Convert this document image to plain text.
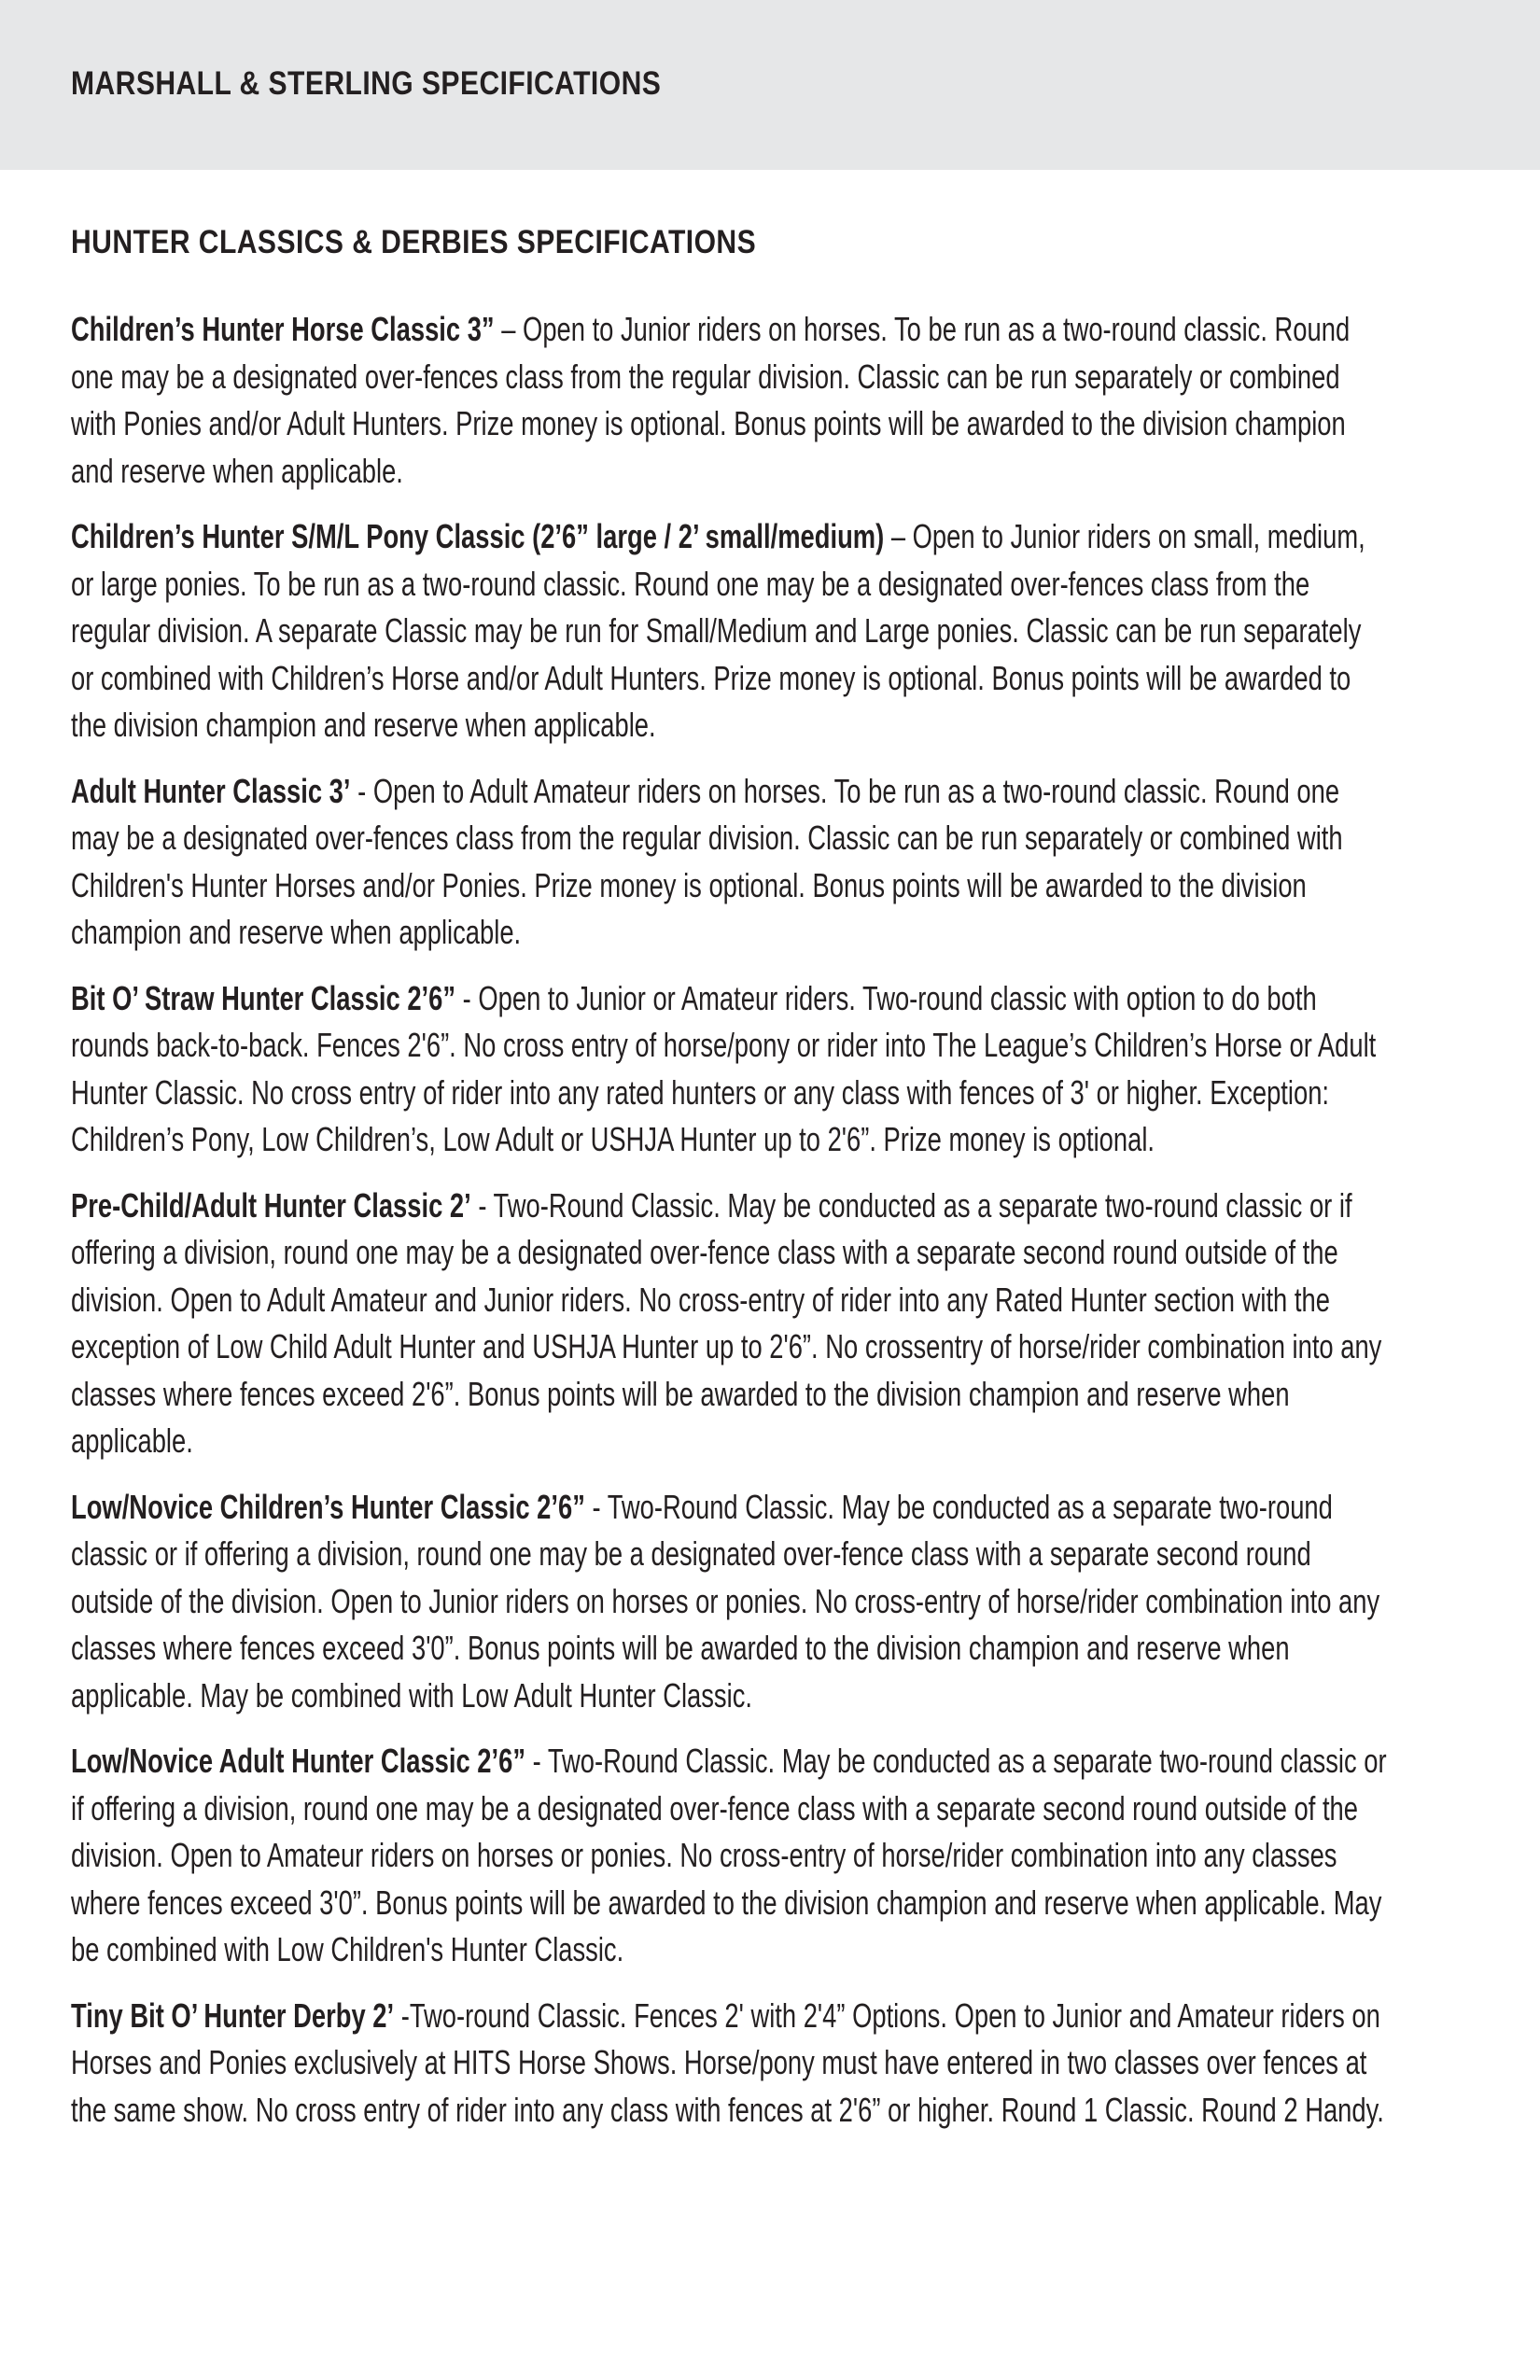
MARSHALL & STERLING SPECIFICATIONS
HUNTER CLASSICS & DERBIES SPECIFICATIONS

Children’s Hunter Horse Classic 3” – Open to Junior riders on horses. To be run as a two-round classic. Round one may be a designated over-fences class from the regular division. Classic can be run separately or combined with Ponies and/or Adult Hunters. Prize money is optional. Bonus points will be awarded to the division champion and reserve when applicable.

Children’s Hunter S/M/L Pony Classic (2’6” large / 2’ small/medium) – Open to Junior riders on small, medium, or large ponies. To be run as a two-round classic. Round one may be a designated over-fences class from the regular division. A separate Classic may be run for Small/Medium and Large ponies. Classic can be run separately or combined with Children’s Horse and/or Adult Hunters. Prize money is optional. Bonus points will be awarded to the division champion and reserve when applicable.

Adult Hunter Classic 3’ - Open to Adult Amateur riders on horses. To be run as a two-round classic. Round one may be a designated over-fences class from the regular division. Classic can be run separately or combined with Children's Hunter Horses and/or Ponies. Prize money is optional. Bonus points will be awarded to the division champion and reserve when applicable.

Bit O’ Straw Hunter Classic 2’6” - Open to Junior or Amateur riders. Two-round classic with option to do both rounds back-to-back. Fences 2'6”. No cross entry of horse/pony or rider into The League’s Children’s Horse or Adult Hunter Classic. No cross entry of rider into any rated hunters or any class with fences of 3' or higher. Exception: Children’s Pony, Low Children’s, Low Adult or USHJA Hunter up to 2'6”. Prize money is optional.

Pre-Child/Adult Hunter Classic 2’ - Two-Round Classic. May be conducted as a separate two-round classic or if offering a division, round one may be a designated over-fence class with a separate second round outside of the division. Open to Adult Amateur and Junior riders. No cross-entry of rider into any Rated Hunter section with the exception of Low Child Adult Hunter and USHJA Hunter up to 2'6”. No crossentry of horse/rider combination into any classes where fences exceed 2'6”. Bonus points will be awarded to the division champion and reserve when applicable.

Low/Novice Children’s Hunter Classic 2’6” - Two-Round Classic. May be conducted as a separate two-round classic or if offering a division, round one may be a designated over-fence class with a separate second round outside of the division. Open to Junior riders on horses or ponies. No cross-entry of horse/rider combination into any classes where fences exceed 3'0”. Bonus points will be awarded to the division champion and reserve when applicable. May be combined with Low Adult Hunter Classic.

Low/Novice Adult Hunter Classic 2’6” - Two-Round Classic. May be conducted as a separate two-round classic or if offering a division, round one may be a designated over-fence class with a separate second round outside of the division. Open to Amateur riders on horses or ponies. No cross-entry of horse/rider combination into any classes where fences exceed 3'0”. Bonus points will be awarded to the division champion and reserve when applicable. May be combined with Low Children's Hunter Classic.

Tiny Bit O’ Hunter Derby 2’ -Two-round Classic. Fences 2' with 2'4” Options. Open to Junior and Amateur riders on Horses and Ponies exclusively at HITS Horse Shows. Horse/pony must have entered in two classes over fences at the same show. No cross entry of rider into any class with fences at 2'6” or higher. Round 1 Classic. Round 2 Handy.
